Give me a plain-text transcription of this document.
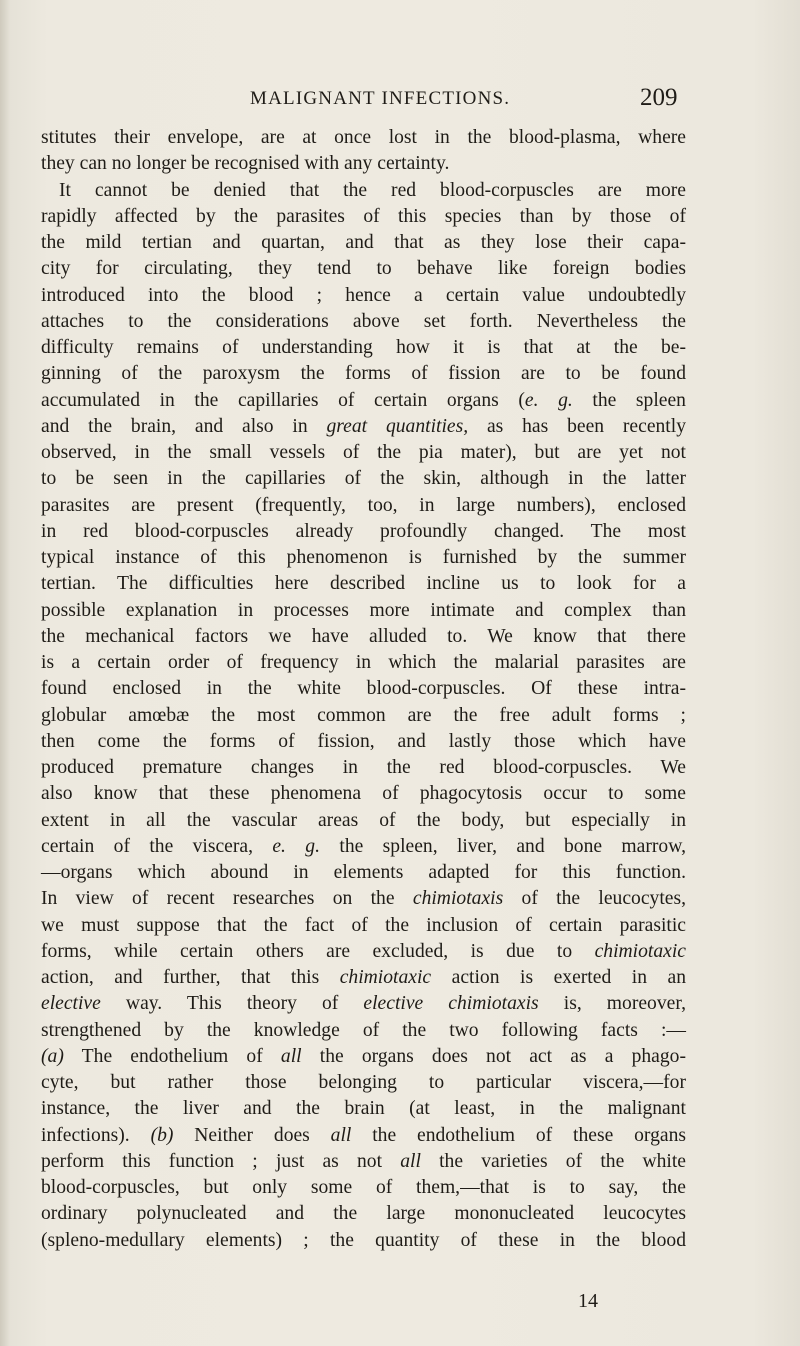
MALIGNANT INFECTIONS.	209
stitutes their envelope, are at once lost in the blood-plasma, where
they can no longer be recognised with any certainty.
It cannot be denied that the red blood-corpuscles are more
rapidly affected by the parasites of this species than by those of
the mild tertian and quartan, and that as they lose their capa-
city for circulating, they tend to behave like foreign bodies
introduced into the blood ; hence a certain value undoubtedly
attaches to the considerations above set forth. Nevertheless the
difficulty remains of understanding how it is that at the be-
ginning of the paroxysm the forms of fission are to be found
accumulated in the capillaries of certain organs (e. g. the spleen
and the brain, and also in great quantities, as has been recently
observed, in the small vessels of the pia mater), but are yet not
to be seen in the capillaries of the skin, although in the latter
parasites are present (frequently, too, in large numbers), enclosed
in red blood-corpuscles already profoundly changed. The most
typical instance of this phenomenon is furnished by the summer
tertian. The difficulties here described incline us to look for a
possible explanation in processes more intimate and complex than
the mechanical factors we have alluded to. We know that there
is a certain order of frequency in which the malarial parasites are
found enclosed in the white blood-corpuscles. Of these intra-
globular amœbæ the most common are the free adult forms ;
then come the forms of fission, and lastly those which have
produced premature changes in the red blood-corpuscles. We
also know that these phenomena of phagocytosis occur to some
extent in all the vascular areas of the body, but especially in
certain of the viscera, e. g. the spleen, liver, and bone marrow,
—organs which abound in elements adapted for this function.
In view of recent researches on the chimiotaxis of the leucocytes,
we must suppose that the fact of the inclusion of certain parasitic
forms, while certain others are excluded, is due to chimiotaxic
action, and further, that this chimiotaxic action is exerted in an
elective way. This theory of elective chimiotaxis is, moreover,
strengthened by the knowledge of the two following facts :—
(a) The endothelium of all the organs does not act as a phago-
cyte, but rather those belonging to particular viscera,—for
instance, the liver and the brain (at least, in the malignant
infections). (b) Neither does all the endothelium of these organs
perform this function ; just as not all the varieties of the white
blood-corpuscles, but only some of them,—that is to say, the
ordinary polynucleated and the large mononucleated leucocytes
(spleno-medullary elements) ; the quantity of these in the blood
14
